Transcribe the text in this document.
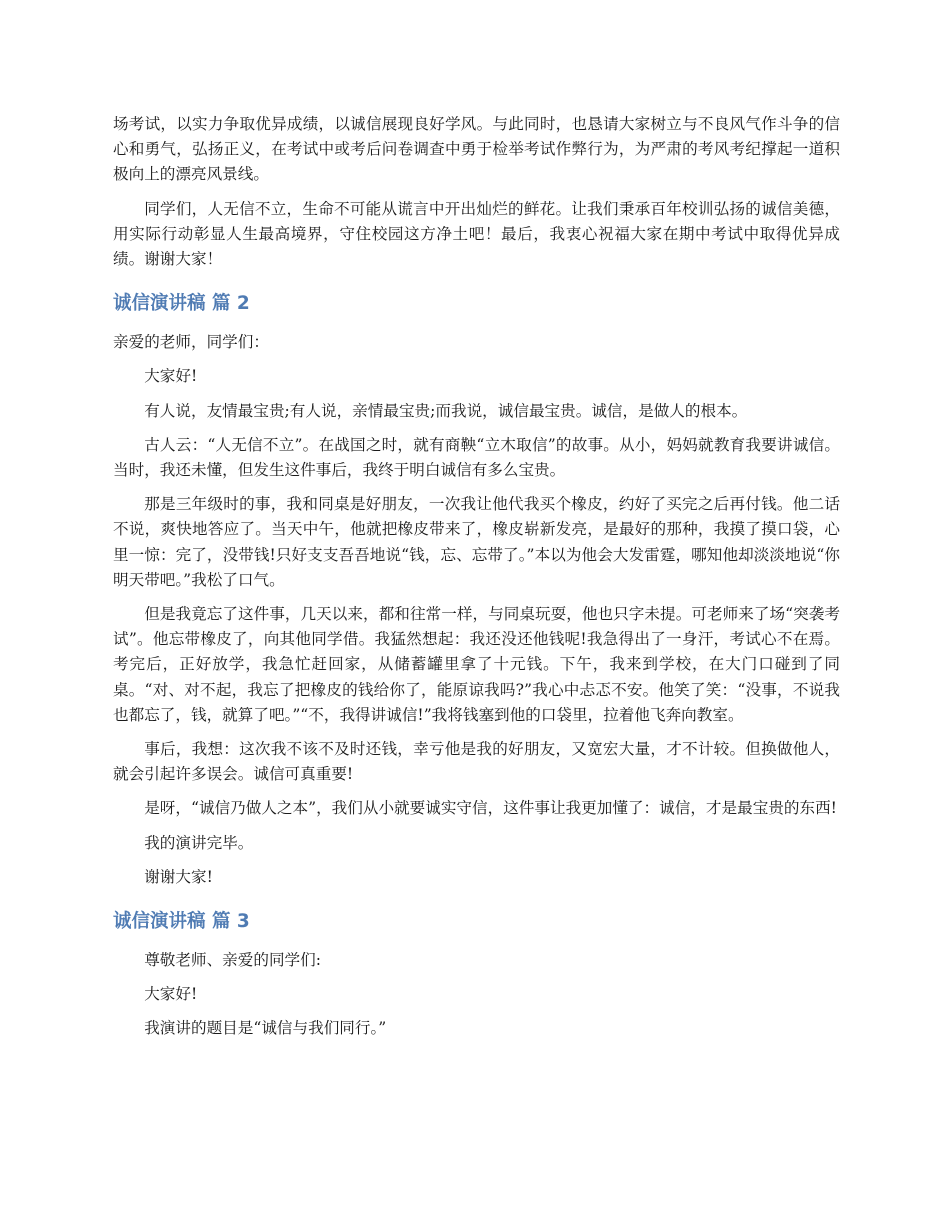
场考试，以实力争取优异成绩，以诚信展现良好学风。与此同时，也恳请大家树立与不良风气作斗争的信心和勇气，弘扬正义，在考试中或考后问卷调查中勇于检举考试作弊行为，为严肃的考风考纪撑起一道积极向上的漂亮风景线。

同学们，人无信不立，生命不可能从谎言中开出灿烂的鲜花。让我们秉承百年校训弘扬的诚信美德，用实际行动彰显人生最高境界，守住校园这方净土吧！最后，我衷心祝福大家在期中考试中取得优异成绩。谢谢大家！

诚信演讲稿 篇 2

亲爱的老师，同学们：

大家好!

有人说，友情最宝贵;有人说，亲情最宝贵;而我说，诚信最宝贵。诚信，是做人的根本。

古人云：“人无信不立”。在战国之时，就有商鞅“立木取信”的故事。从小，妈妈就教育我要讲诚信。当时，我还未懂，但发生这件事后，我终于明白诚信有多么宝贵。

那是三年级时的事，我和同桌是好朋友，一次我让他代我买个橡皮，约好了买完之后再付钱。他二话不说，爽快地答应了。当天中午，他就把橡皮带来了，橡皮崭新发亮，是最好的那种，我摸了摸口袋，心里一惊：完了，没带钱!只好支支吾吾地说“钱，忘、忘带了。”本以为他会大发雷霆，哪知他却淡淡地说“你明天带吧。”我松了口气。

但是我竟忘了这件事，几天以来，都和往常一样，与同桌玩耍，他也只字未提。可老师来了场“突袭考试”。他忘带橡皮了，向其他同学借。我猛然想起：我还没还他钱呢!我急得出了一身汗，考试心不在焉。考完后，正好放学，我急忙赶回家，从储蓄罐里拿了十元钱。下午，我来到学校，在大门口碰到了同桌。“对、对不起，我忘了把橡皮的钱给你了，能原谅我吗?”我心中忐忑不安。他笑了笑：“没事，不说我也都忘了，钱，就算了吧。”“不，我得讲诚信!”我将钱塞到他的口袋里，拉着他飞奔向教室。

事后，我想：这次我不该不及时还钱，幸亏他是我的好朋友，又宽宏大量，才不计较。但换做他人，就会引起许多误会。诚信可真重要!

是呀，“诚信乃做人之本”，我们从小就要诚实守信，这件事让我更加懂了：诚信，才是最宝贵的东西!

我的演讲完毕。

谢谢大家!

诚信演讲稿 篇 3

尊敬老师、亲爱的同学们:

大家好!

我演讲的题目是“诚信与我们同行。”
